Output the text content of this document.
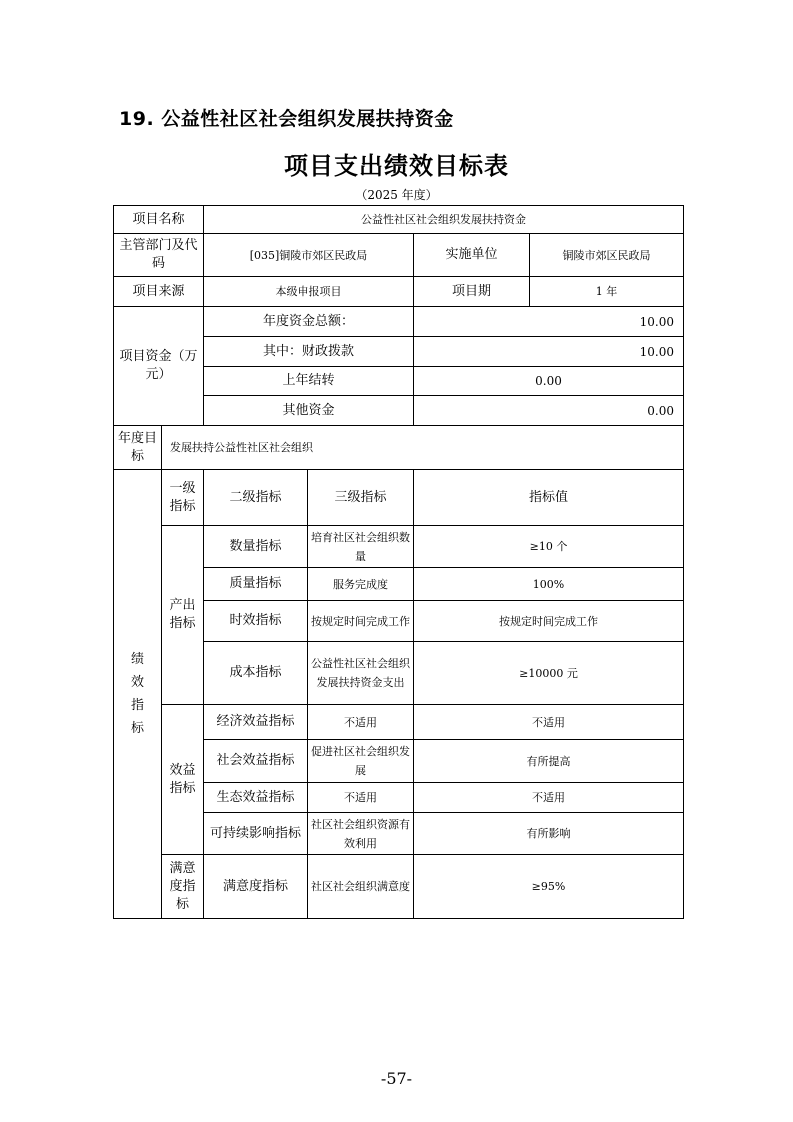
19. 公益性社区社会组织发展扶持资金
项目支出绩效目标表
（2025 年度）
项目名称		公益性社区社会组织发展扶持资金			
主管部门及代码		[035]铜陵市郊区民政局		实施单位	铜陵市郊区民政局
项目来源		本级申报项目		项目期	1 年
项目资金（万元）		年度资金总额：		10.00	
		其中：财政拨款		10.00	
		上年结转		0.00	
		其他资金		0.00	
年度目标	发展扶持公益性社区社会组织				
绩效指标	一级指标	二级指标	三级指标	指标值	
	产出指标	数量指标	培育社区社会组织数量	≥10 个	
		质量指标	服务完成度	100%	
		时效指标	按规定时间完成工作	按规定时间完成工作	
		成本指标	公益性社区社会组织发展扶持资金支出	≥10000 元	
	效益指标	经济效益指标	不适用	不适用	
		社会效益指标	促进社区社会组织发展	有所提高	
		生态效益指标	不适用	不适用	
		可持续影响指标	社区社会组织资源有效利用	有所影响	
	满意度指标	满意度指标	社区社会组织满意度	≥95%	
-57-
